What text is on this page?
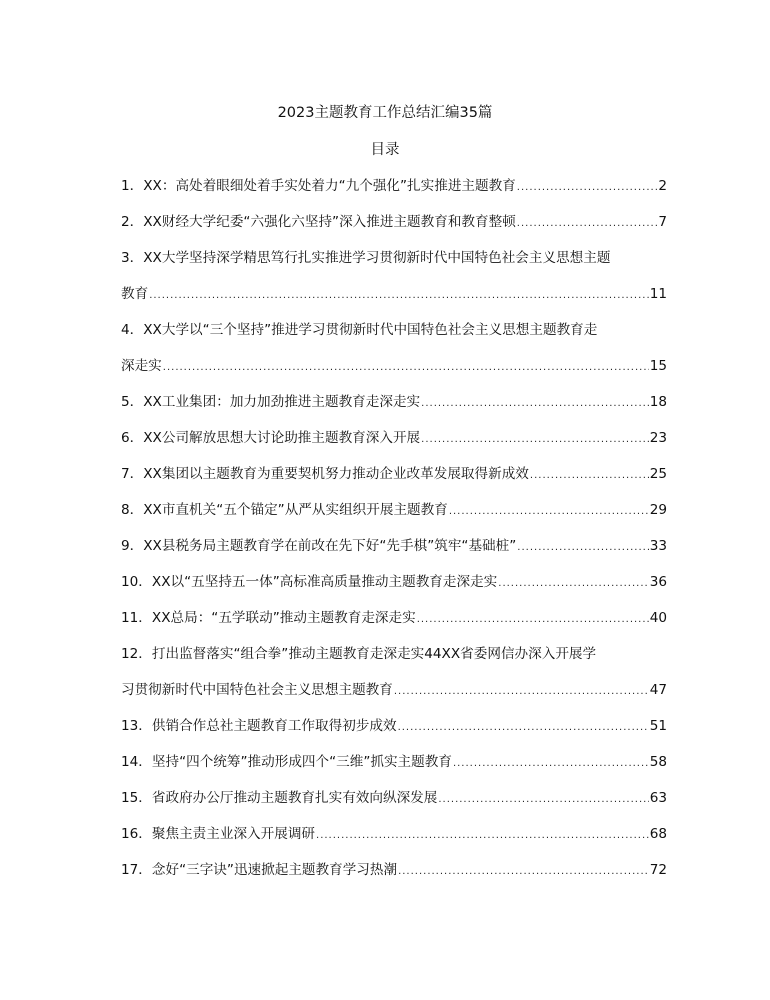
2023主题教育工作总结汇编35篇
目录
1．XX：高处着眼细处着手实处着力“九个强化”扎实推进主题教育 .....	2
2．XX财经大学纪委“六强化六坚持”深入推进主题教育和教育整顿 .....	7
3．XX大学坚持深学精思笃行扎实推进学习贯彻新时代中国特色社会主义思想主题
教育 .....	11
4．XX大学以“三个坚持”推进学习贯彻新时代中国特色社会主义思想主题教育走
深走实 .....	15
5．XX工业集团：加力加劲推进主题教育走深走实 .....	18
6．XX公司解放思想大讨论助推主题教育深入开展 .....	23
7．XX集团以主题教育为重要契机努力推动企业改革发展取得新成效 .....	25
8．XX市直机关“五个锚定”从严从实组织开展主题教育 .....	29
9．XX县税务局主题教育学在前改在先下好“先手棋”筑牢“基础桩” .....	33
10．XX以“五坚持五一体”高标准高质量推动主题教育走深走实 .....	36
11．XX总局：“五学联动”推动主题教育走深走实 .....	40
12．打出监督落实“组合拳”推动主题教育走深走实44XX省委网信办深入开展学
习贯彻新时代中国特色社会主义思想主题教育 .....	47
13．供销合作总社主题教育工作取得初步成效 .....	51
14．坚持“四个统筹”推动形成四个“三维”抓实主题教育 .....	58
15．省政府办公厅推动主题教育扎实有效向纵深发展 .....	63
16．聚焦主责主业深入开展调研 .....	68
17．念好“三字诀”迅速掀起主题教育学习热潮 .....	72
